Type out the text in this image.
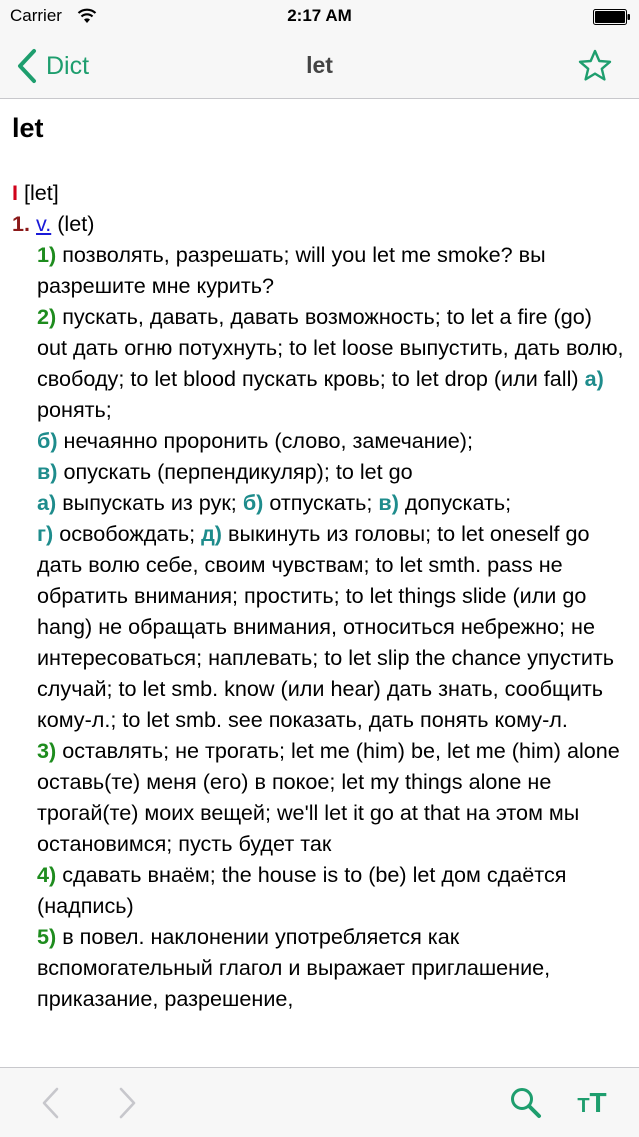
Carrier	2:17 AM
Dict	let
let

I [let]

1. v. (let)

1) позволять, разрешать; will you let me smoke? вы разрешите мне курить?

2) пускать, давать, давать возможность; to let a fire (go) out дать огню потухнуть; to let loose выпустить, дать волю, свободу; to let blood пускать кровь; to let drop (или fall) а) ронять;
б) нечаянно проронить (слово, замечание);
в) опускать (перпендикуляр); to let go
а) выпускать из рук; б) отпускать; в) допускать;
г) освобождать; д) выкинуть из головы; to let oneself go дать волю себе, своим чувствам; to let smth. pass не обратить внимания; простить; to let things slide (или go hang) не обращать внимания, относиться небрежно; не интересоваться; наплевать; to let slip the chance упустить случай; to let smb. know (или hear) дать знать, сообщить кому-л.; to let smb. see показать, дать понять кому-л.

3) оставлять; не трогать; let me (him) be, let me (him) alone оставь(те) меня (его) в покое; let my things alone не трогай(те) моих вещей; we'll let it go at that на этом мы остановимся; пусть будет так

4) сдавать внаём; the house is to (be) let дом сдаётся (надпись)

5) в повел. наклонении употребляется как вспомогательный глагол и выражает приглашение, приказание, разрешение,

TT
